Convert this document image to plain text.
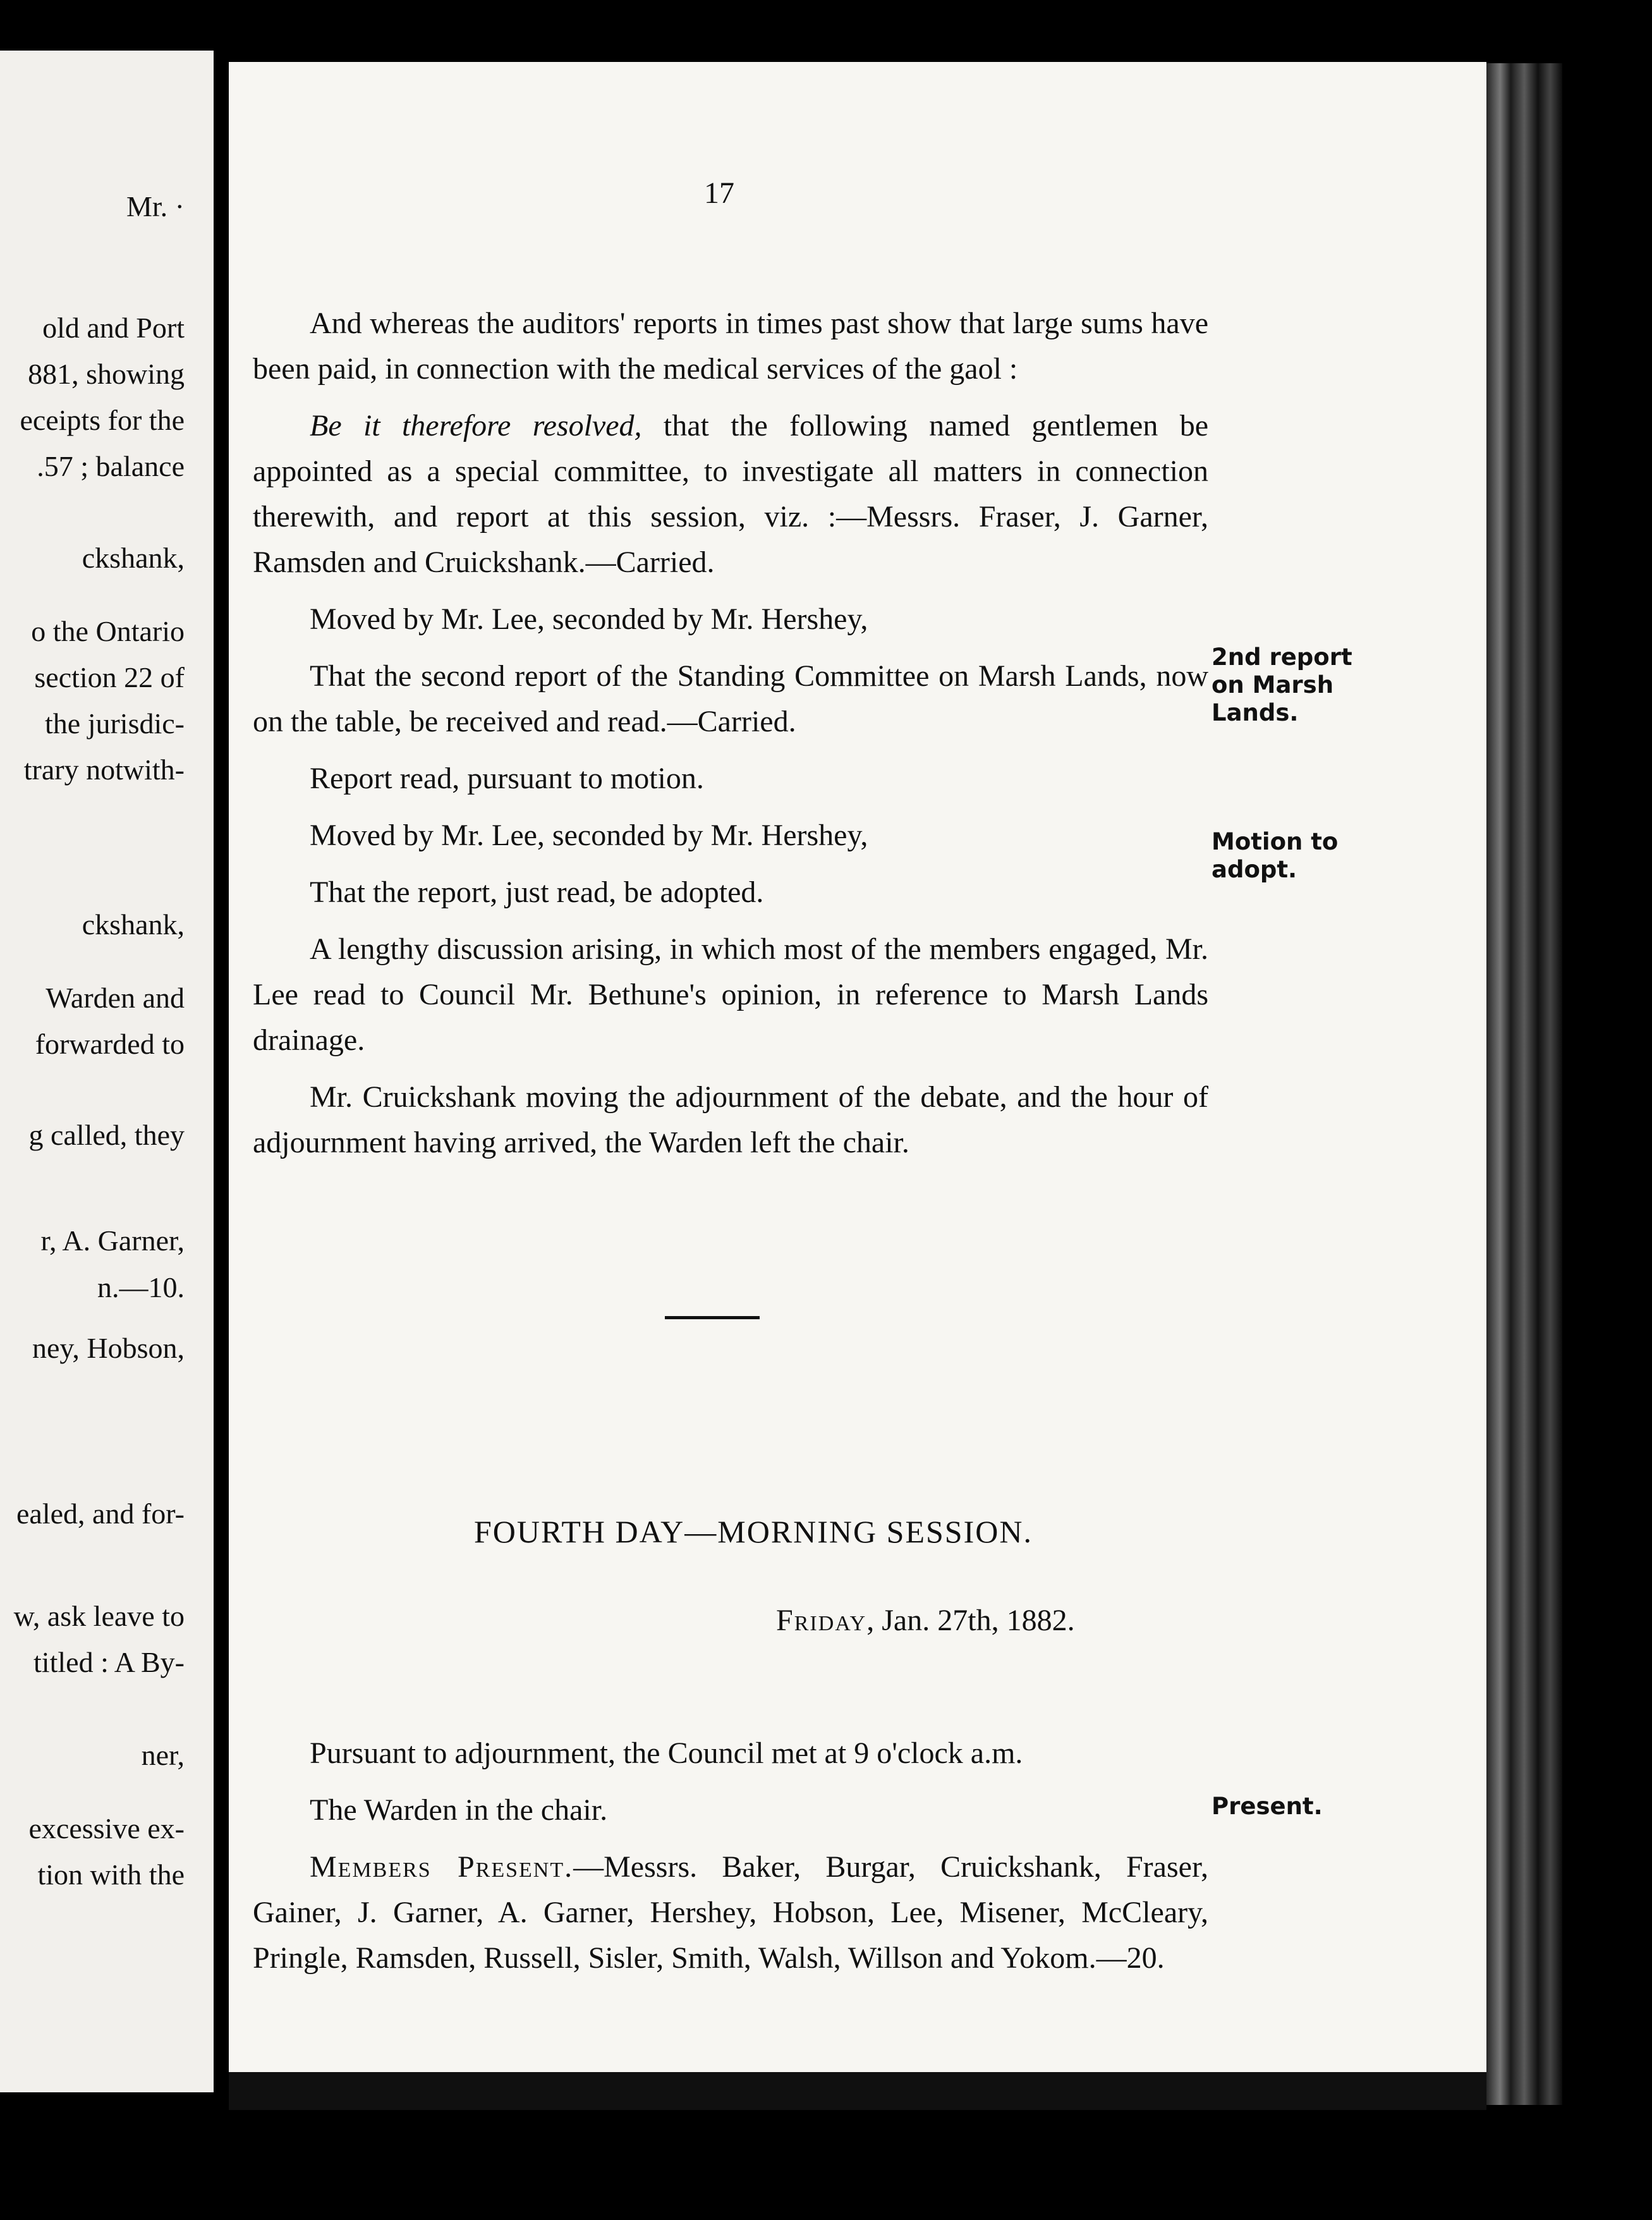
Mr. ·
old and Port
881, showing
eceipts for the
.57 ; balance
ckshank,
o the Ontario
section 22 of
the jurisdic-
trary notwith-
ckshank,
Warden and
forwarded to
g called, they
r, A. Garner,
n.—10.
ney, Hobson,
ealed, and for-
w, ask leave to
titled : A By-
ner,
excessive ex-
tion with the
17

And whereas the auditors' reports in times past show that large sums have been paid, in connection with the medical services of the gaol :

Be it therefore resolved, that the following named gentlemen be appointed as a special committee, to investigate all matters in connection therewith, and report at this session, viz. :—Messrs. Fraser, J. Garner, Ramsden and Cruickshank.—Carried.

Moved by Mr. Lee, seconded by Mr. Hershey,

That the second report of the Standing Committee on Marsh Lands, now on the table, be received and read.—Carried.

Report read, pursuant to motion.

Moved by Mr. Lee, seconded by Mr. Hershey,

That the report, just read, be adopted.

A lengthy discussion arising, in which most of the members engaged, Mr. Lee read to Council Mr. Bethune's opinion, in reference to Marsh Lands drainage.

Mr. Cruickshank moving the adjournment of the debate, and the hour of adjournment having arrived, the Warden left the chair.

2nd report on Marsh Lands.
Motion to adopt.
Present.
FOURTH DAY—MORNING SESSION.
Friday, Jan. 27th, 1882.

Pursuant to adjournment, the Council met at 9 o'clock a.m.

The Warden in the chair.

Members Present.—Messrs. Baker, Burgar, Cruickshank, Fraser, Gainer, J. Garner, A. Garner, Hershey, Hobson, Lee, Misener, McCleary, Pringle, Ramsden, Russell, Sisler, Smith, Walsh, Willson and Yokom.—20.
